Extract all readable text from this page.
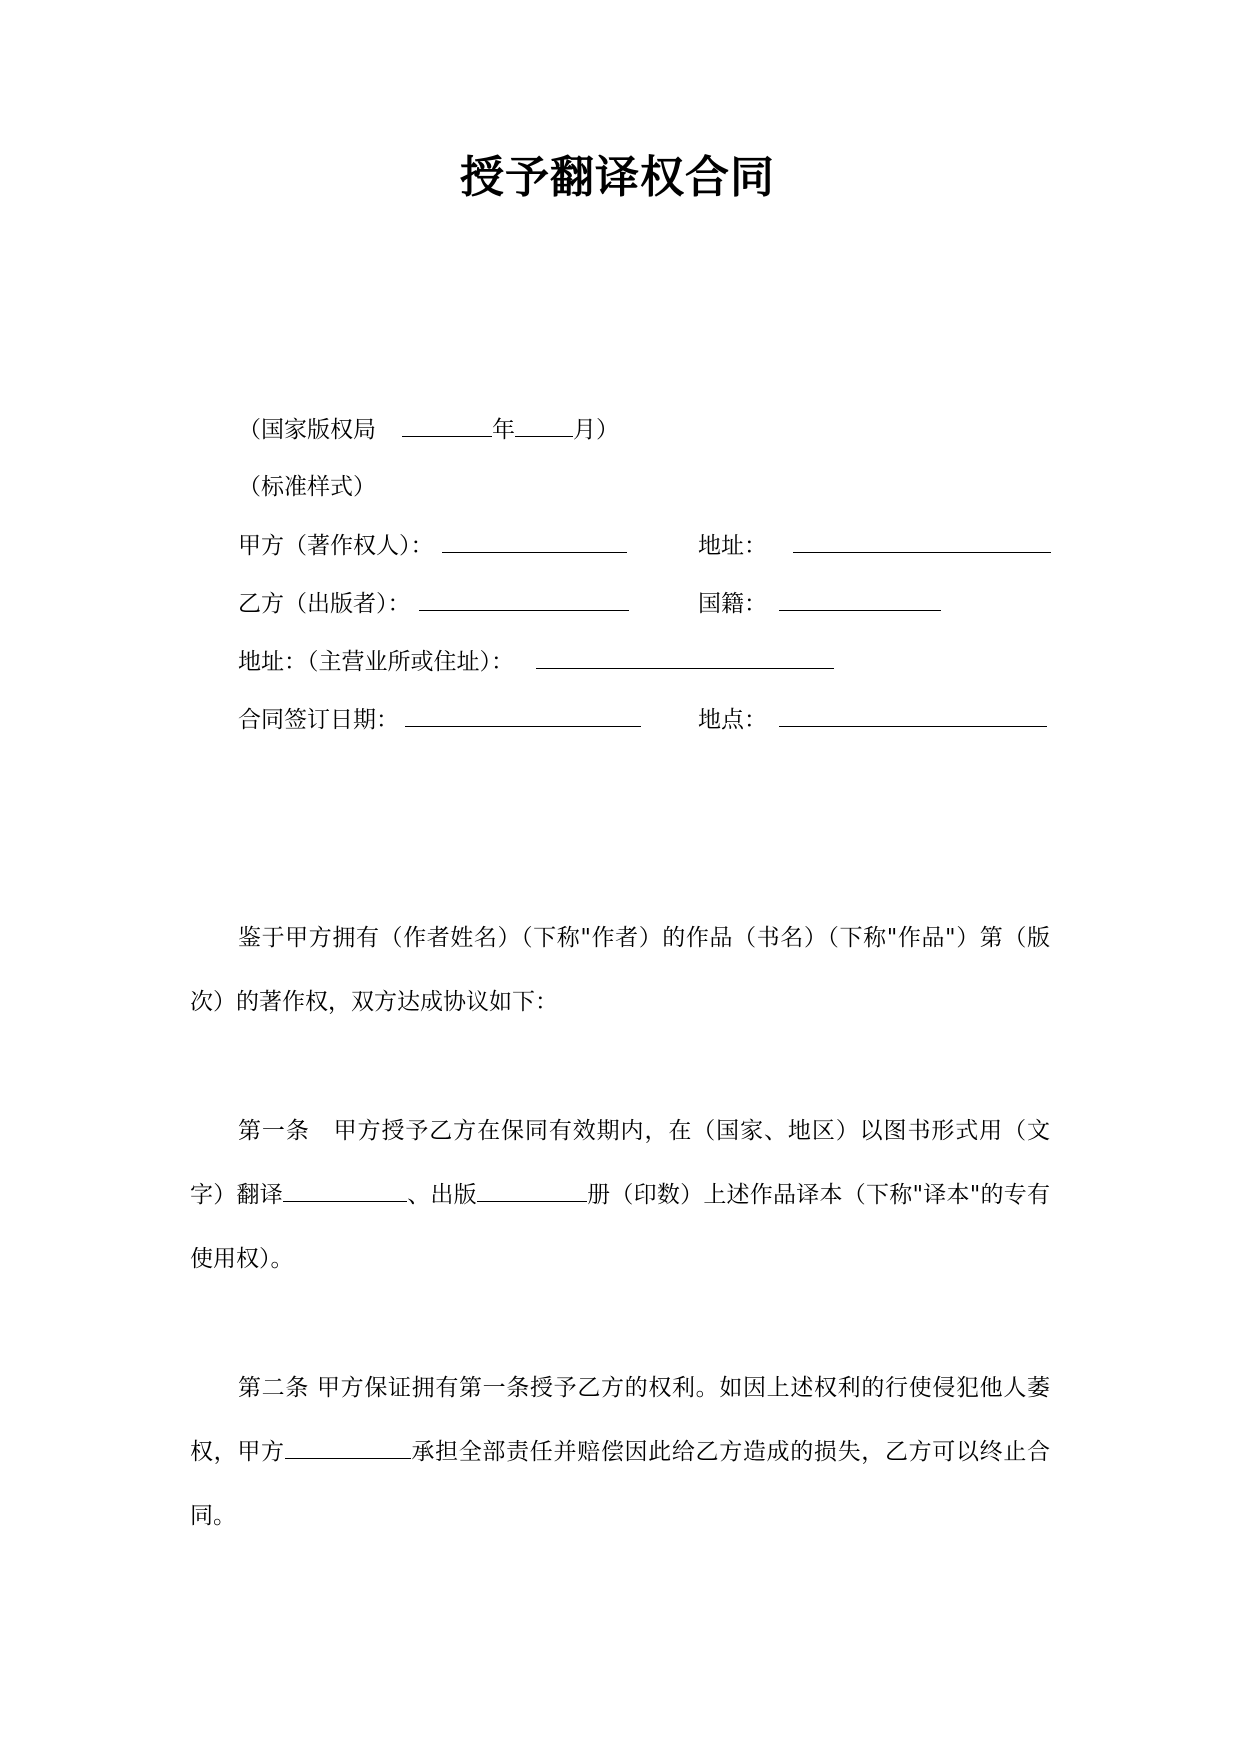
授予翻译权合同
（国家版权局	年	月）
（标准样式）
甲方（著作权人）：	地址：
乙方（出版者）：	国籍：
地址：（主营业所或住址）：
合同签订日期：	地点：
鉴于甲方拥有（作者姓名）（下称"作者）的作品（书名）（下称"作品"）第（版次）的著作权，双方达成协议如下：
第一条　甲方授予乙方在保同有效期内，在（国家、地区）以图书形式用（文字）翻译	、出版	册（印数）上述作品译本（下称"译本"的专有使用权）。
第二条 甲方保证拥有第一条授予乙方的权利。如因上述权利的行使侵犯他人萎权，甲方	承担全部责任并赔偿因此给乙方造成的损失，乙方可以终止合同。
